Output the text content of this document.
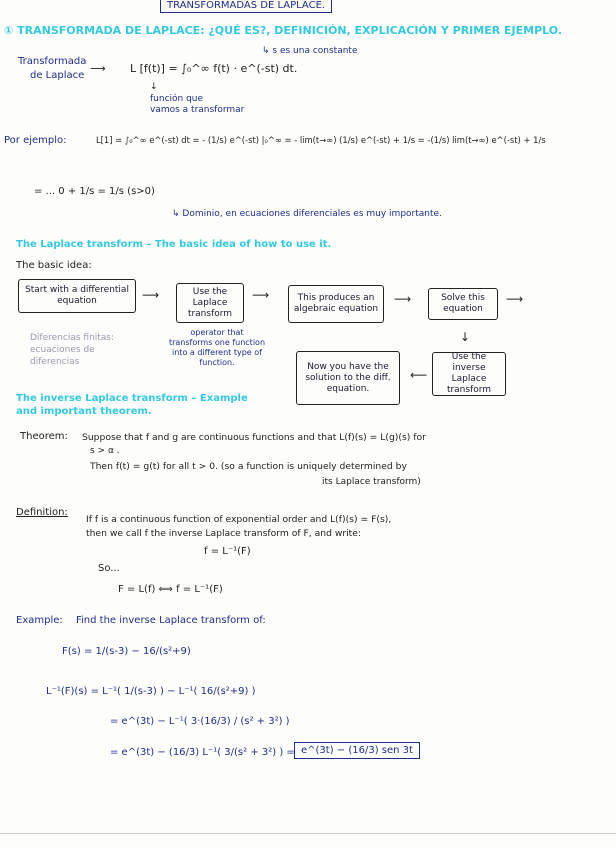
TRANSFORMADAS DE LAPLACE.
① TRANSFORMADA DE LAPLACE: ¿QUÉ ES?, DEFINICIÓN, EXPLICACIÓN Y PRIMER EJEMPLO.
Transformada
de Laplace
⟶ L [f(t)] = ∫₀^∞ f(t) · e^(-st) dt.
↳ s es una constante
↓
función que
vamos a transformar
Por ejemplo:	L[1] = ∫₀^∞ e^(-st) dt = - (1/s) e^(-st) |₀^∞ = - lim(t→∞) (1/s) e^(-st) + 1/s = -(1/s) lim(t→∞) e^(-st) + 1/s
= ... 0 + 1/s = 1/s (s>0)
↳ Dominio, en ecuaciones diferenciales es muy importante.
The Laplace transform – The basic idea of how to use it.
The basic idea:
Start with a differential equation	⟶	Use the Laplace transform
⟶	This produces an algebraic equation
⟶	Solve this equation
⟶
↓
Use the inverse Laplace transform
⟵
Now you have the solution to the diff. equation.
operator that transforms one function into a different type of function.
Diferencias finitas: ecuaciones de diferencias
The inverse Laplace transform – Example
and important theorem.
Theorem: Suppose that f and g are continuous functions and that L(f)(s) = L(g)(s) for
s > α .
Then f(t) = g(t) for all t > 0. (so a function is uniquely determined by
its Laplace transform)
Definition:
If f is a continuous function of exponential order and L(f)(s) = F(s),
then we call f the inverse Laplace transform of F, and write:
f = L⁻¹(F)
So...
F = L(f) ⟺ f = L⁻¹(F)
Example: Find the inverse Laplace transform of:
F(s) = 1/(s-3) − 16/(s²+9)
L⁻¹(F)(s) = L⁻¹( 1/(s-3) ) − L⁻¹( 16/(s²+9) )
= e^(3t) − L⁻¹( 3·(16/3) / (s² + 3²) )
= e^(3t) − (16/3) L⁻¹( 3/(s² + 3²) ) = e^(3t) − (16/3) sen 3t
